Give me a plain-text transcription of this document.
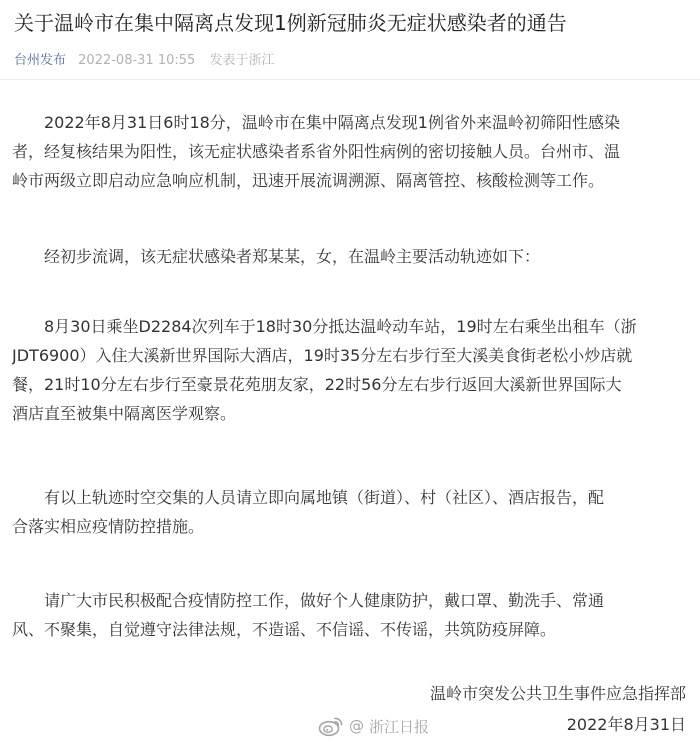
关于温岭市在集中隔离点发现1例新冠肺炎无症状感染者的通告
台州发布 2022-08-31 10:55 发表于浙江

　　2022年8月31日6时18分，温岭市在集中隔离点发现1例省外来温岭初筛阳性感染
者，经复核结果为阳性，该无症状感染者系省外阳性病例的密切接触人员。台州市、温
岭市两级立即启动应急响应机制，迅速开展流调溯源、隔离管控、核酸检测等工作。

　　经初步流调，该无症状感染者郑某某，女，在温岭主要活动轨迹如下：

　　8月30日乘坐D2284次列车于18时30分抵达温岭动车站，19时左右乘坐出租车（浙
JDT6900）入住大溪新世界国际大酒店，19时35分左右步行至大溪美食街老松小炒店就
餐，21时10分左右步行至豪景花苑朋友家，22时56分左右步行返回大溪新世界国际大
酒店直至被集中隔离医学观察。

　　有以上轨迹时空交集的人员请立即向属地镇（街道）、村（社区）、酒店报告，配
合落实相应疫情防控措施。

　　请广大市民积极配合疫情防控工作，做好个人健康防护，戴口罩、勤洗手、常通
风、不聚集，自觉遵守法律法规，不造谣、不信谣、不传谣，共筑防疫屏障。

温岭市突发公共卫生事件应急指挥部
@ 浙江日报	2022年8月31日
